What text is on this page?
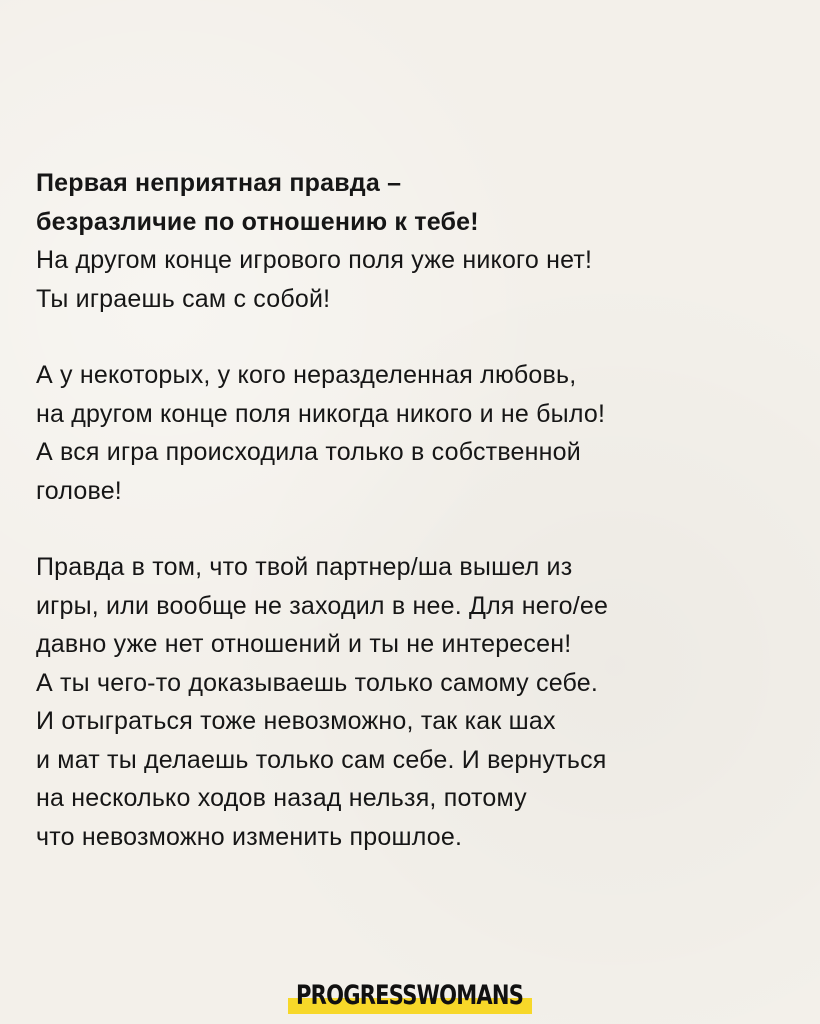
Первая неприятная правда –
безразличие по отношению к тебе!
На другом конце игрового поля уже никого нет!
Ты играешь сам с собой!

А у некоторых, у кого неразделенная любовь,
на другом конце поля никогда никого и не было!
А вся игра происходила только в собственной
голове!

Правда в том, что твой партнер/ша вышел из
игры, или вообще не заходил в нее. Для него/ее
давно уже нет отношений и ты не интересен!
А ты чего-то доказываешь только самому себе.
И отыграться тоже невозможно, так как шах
и мат ты делаешь только сам себе. И вернуться
на несколько ходов назад нельзя, потому
что невозможно изменить прошлое.

PROGRESSWOMANS
